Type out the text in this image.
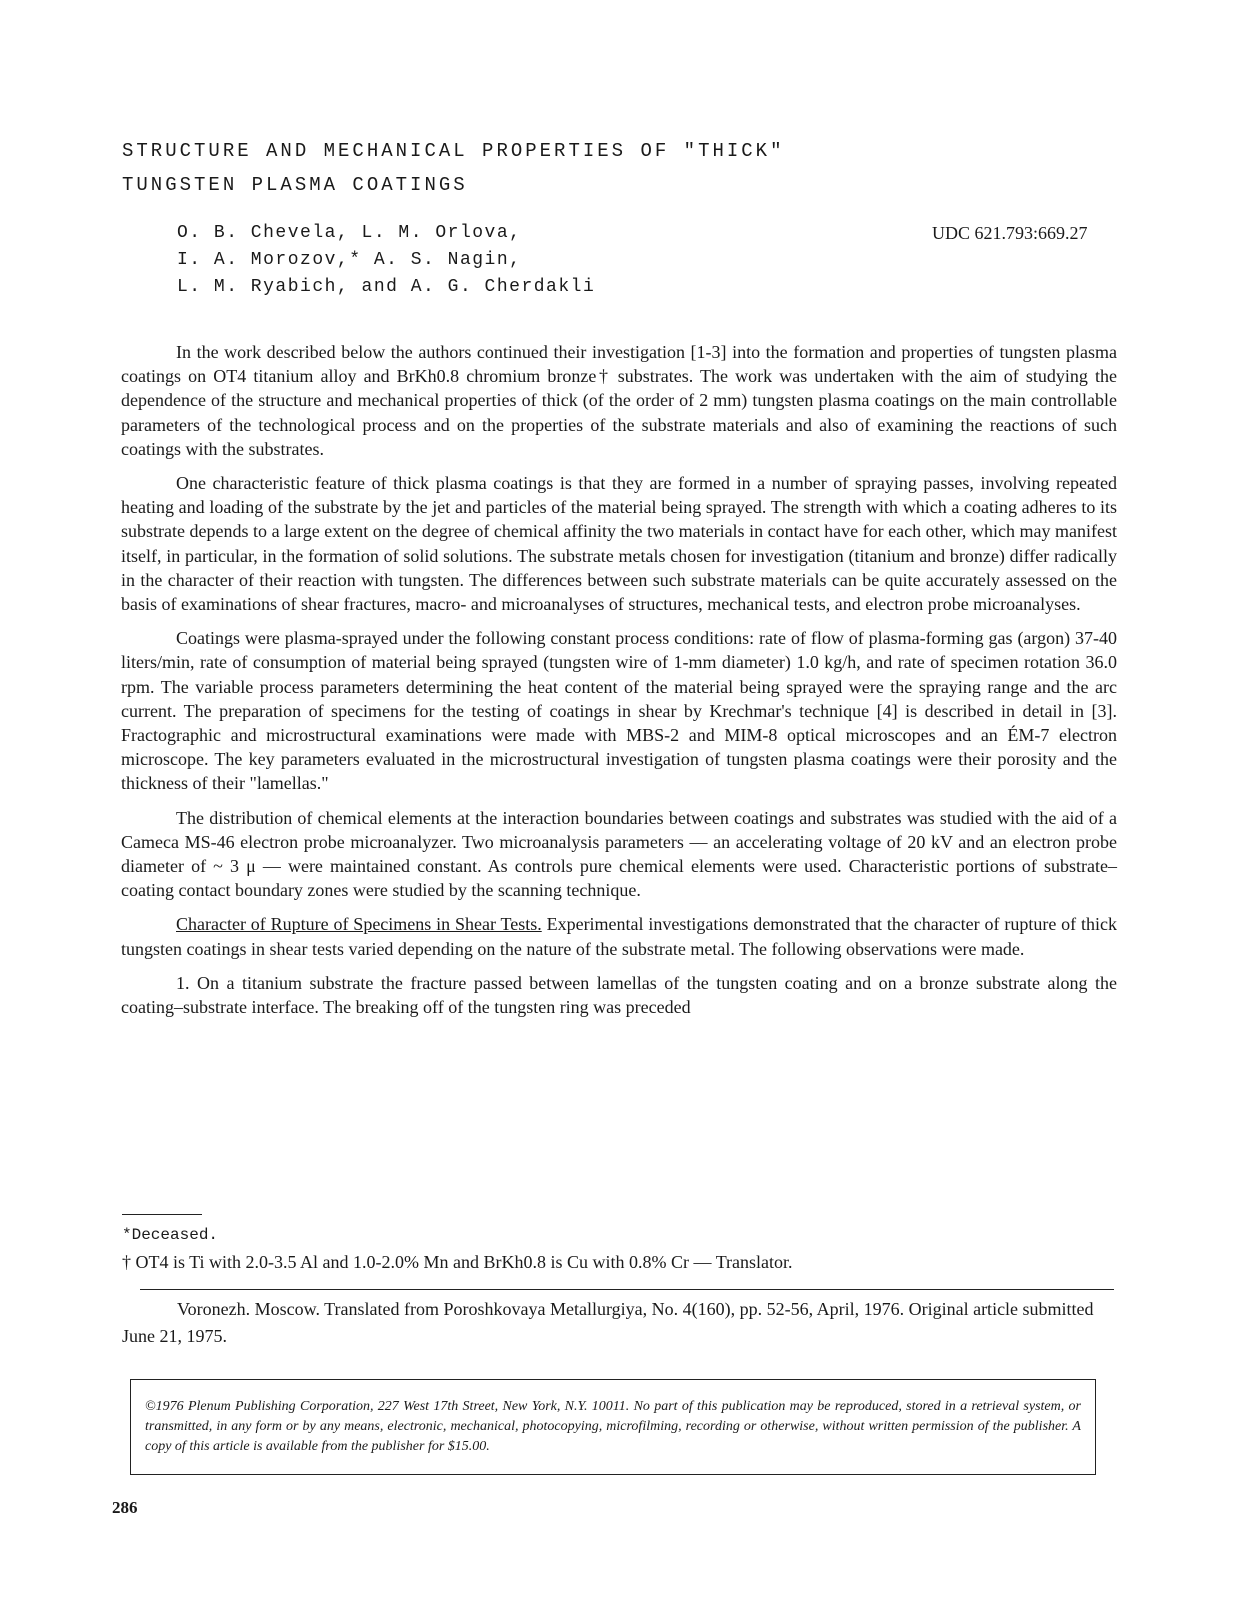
STRUCTURE AND MECHANICAL PROPERTIES OF "THICK"
TUNGSTEN PLASMA COATINGS
O. B. Chevela, L. M. Orlova,
I. A. Morozov,* A. S. Nagin,
L. M. Ryabich, and A. G. Cherdakli
UDC 621.793:669.27

In the work described below the authors continued their investigation [1-3] into the formation and properties of tungsten plasma coatings on OT4 titanium alloy and BrKh0.8 chromium bronze† substrates. The work was undertaken with the aim of studying the dependence of the structure and mechanical properties of thick (of the order of 2 mm) tungsten plasma coatings on the main controllable parameters of the technological process and on the properties of the substrate materials and also of examining the reactions of such coatings with the substrates.

One characteristic feature of thick plasma coatings is that they are formed in a number of spraying passes, involving repeated heating and loading of the substrate by the jet and particles of the material being sprayed. The strength with which a coating adheres to its substrate depends to a large extent on the degree of chemical affinity the two materials in contact have for each other, which may manifest itself, in particular, in the formation of solid solutions. The substrate metals chosen for investigation (titanium and bronze) differ radically in the character of their reaction with tungsten. The differences between such substrate materials can be quite accurately assessed on the basis of examinations of shear fractures, macro- and microanalyses of structures, mechanical tests, and electron probe microanalyses.

Coatings were plasma-sprayed under the following constant process conditions: rate of flow of plasma-forming gas (argon) 37-40 liters/min, rate of consumption of material being sprayed (tungsten wire of 1-mm diameter) 1.0 kg/h, and rate of specimen rotation 36.0 rpm. The variable process parameters determining the heat content of the material being sprayed were the spraying range and the arc current. The preparation of specimens for the testing of coatings in shear by Krechmar's technique [4] is described in detail in [3]. Fractographic and microstructural examinations were made with MBS-2 and MIM-8 optical microscopes and an ÉM-7 electron microscope. The key parameters evaluated in the microstructural investigation of tungsten plasma coatings were their porosity and the thickness of their "lamellas."

The distribution of chemical elements at the interaction boundaries between coatings and substrates was studied with the aid of a Cameca MS-46 electron probe microanalyzer. Two microanalysis parameters — an accelerating voltage of 20 kV and an electron probe diameter of ~ 3 μ — were maintained constant. As controls pure chemical elements were used. Characteristic portions of substrate–coating contact boundary zones were studied by the scanning technique.

Character of Rupture of Specimens in Shear Tests. Experimental investigations demonstrated that the character of rupture of thick tungsten coatings in shear tests varied depending on the nature of the substrate metal. The following observations were made.

1. On a titanium substrate the fracture passed between lamellas of the tungsten coating and on a bronze substrate along the coating–substrate interface. The breaking off of the tungsten ring was preceded

*Deceased.
† OT4 is Ti with 2.0-3.5 Al and 1.0-2.0% Mn and BrKh0.8 is Cu with 0.8% Cr — Translator.
Voronezh. Moscow. Translated from Poroshkovaya Metallurgiya, No. 4(160), pp. 52-56, April, 1976. Original article submitted June 21, 1975.
©1976 Plenum Publishing Corporation, 227 West 17th Street, New York, N.Y. 10011. No part of this publication may be reproduced, stored in a retrieval system, or transmitted, in any form or by any means, electronic, mechanical, photocopying, microfilming, recording or otherwise, without written permission of the publisher. A copy of this article is available from the publisher for $15.00.
286
